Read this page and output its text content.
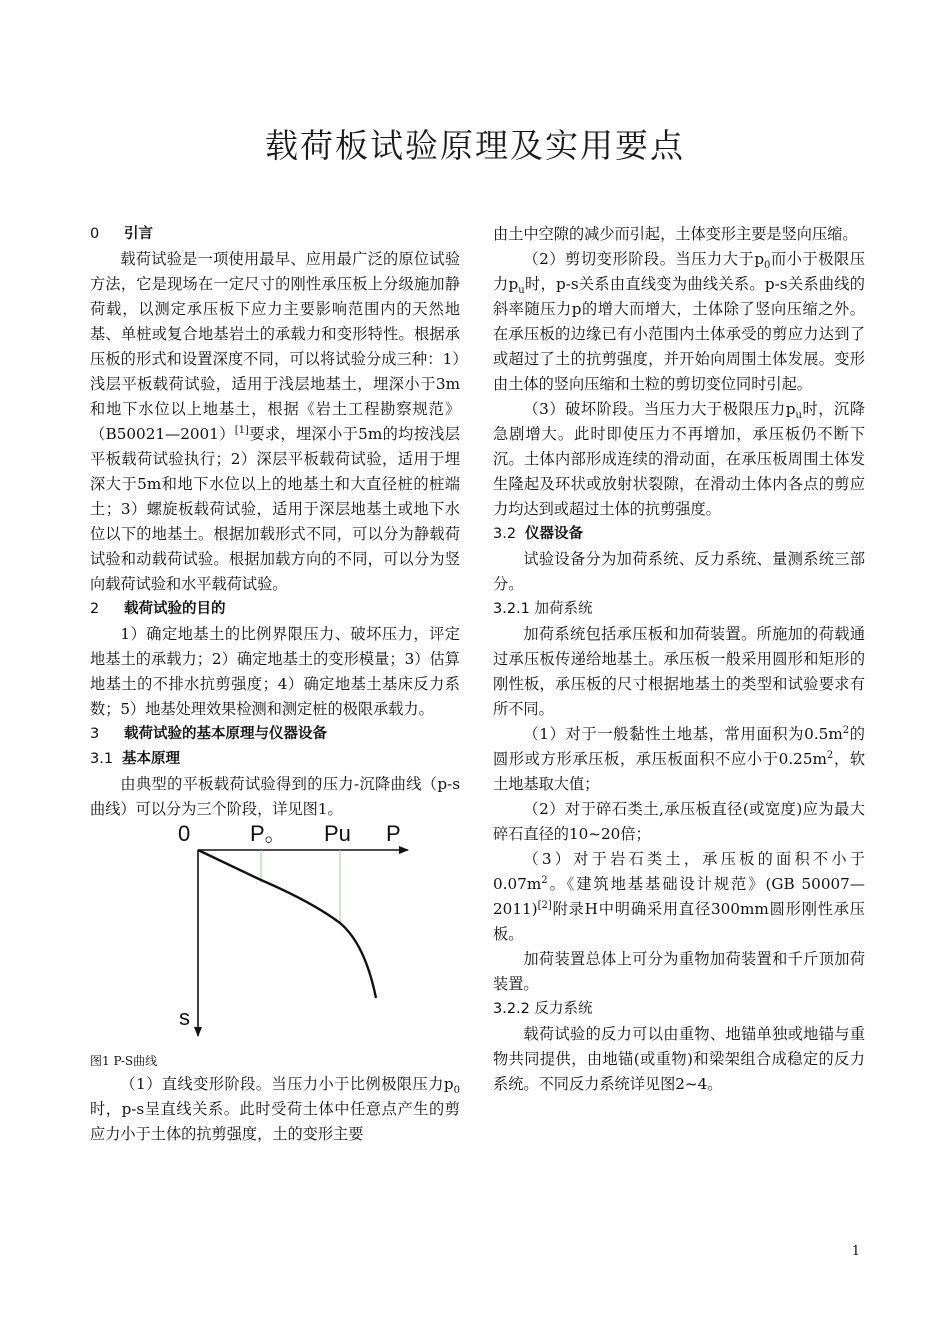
载荷板试验原理及实用要点

0 引言

载荷试验是一项使用最早、应用最广泛的原位试验方法，它是现场在一定尺寸的刚性承压板上分级施加静荷载，以测定承压板下应力主要影响范围内的天然地基、单桩或复合地基岩土的承载力和变形特性。根据承压板的形式和设置深度不同，可以将试验分成三种：1）浅层平板载荷试验，适用于浅层地基土，埋深小于3m和地下水位以上地基土，根据《岩土工程勘察规范》（B50021—2001）[1]要求，埋深小于5m的均按浅层平板载荷试验执行；2）深层平板载荷试验，适用于埋深大于5m和地下水位以上的地基土和大直径桩的桩端土；3）螺旋板载荷试验，适用于深层地基土或地下水位以下的地基土。根据加载形式不同，可以分为静载荷试验和动载荷试验。根据加载方向的不同，可以分为竖向载荷试验和水平载荷试验。

2 载荷试验的目的

1）确定地基土的比例界限压力、破坏压力，评定地基土的承载力；2）确定地基土的变形模量；3）估算地基土的不排水抗剪强度；4）确定地基土基床反力系数；5）地基处理效果检测和测定桩的极限承载力。

3 载荷试验的基本原理与仪器设备

3.1 基本原理

由典型的平板载荷试验得到的压力-沉降曲线（p-s曲线）可以分为三个阶段，详见图1。

0	P。 Pu P
s

图1 P-S曲线

（1）直线变形阶段。当压力小于比例极限压力$p_0$时，p-s呈直线关系。此时受荷土体中任意点产生的剪应力小于土体的抗剪强度，土的变形主要

由土中空隙的减少而引起，土体变形主要是竖向压缩。

（2）剪切变形阶段。当压力大于$p_0$而小于极限压力$p_u$时，p-s关系由直线变为曲线关系。p-s关系曲线的斜率随压力p的增大而增大，土体除了竖向压缩之外。在承压板的边缘已有小范围内土体承受的剪应力达到了或超过了土的抗剪强度，并开始向周围土体发展。变形由土体的竖向压缩和土粒的剪切变位同时引起。

（3）破坏阶段。当压力大于极限压力$p_u$时，沉降急剧增大。此时即使压力不再增加，承压板仍不断下沉。土体内部形成连续的滑动面，在承压板周围土体发生隆起及环状或放射状裂隙，在滑动土体内各点的剪应力均达到或超过土体的抗剪强度。

3.2 仪器设备

试验设备分为加荷系统、反力系统、量测系统三部分。

3.2.1 加荷系统

加荷系统包括承压板和加荷装置。所施加的荷载通过承压板传递给地基土。承压板一般采用圆形和矩形的刚性板，承压板的尺寸根据地基土的类型和试验要求有所不同。

（1）对于一般黏性土地基，常用面积为$0.5m^2$的圆形或方形承压板，承压板面积不应小于$0.25m^2$，软土地基取大值；

（2）对于碎石类土,承压板直径(或宽度)应为最大碎石直径的10~20倍；

（3）对于岩石类土，承压板的面积不小于$0.07m^2$。《建筑地基基础设计规范》(GB 50007—2011)[2]附录H中明确采用直径300mm圆形刚性承压板。

加荷装置总体上可分为重物加荷装置和千斤顶加荷装置。

3.2.2 反力系统

载荷试验的反力可以由重物、地锚单独或地锚与重物共同提供，由地锚(或重物)和梁架组合成稳定的反力系统。不同反力系统详见图2~4。

1
